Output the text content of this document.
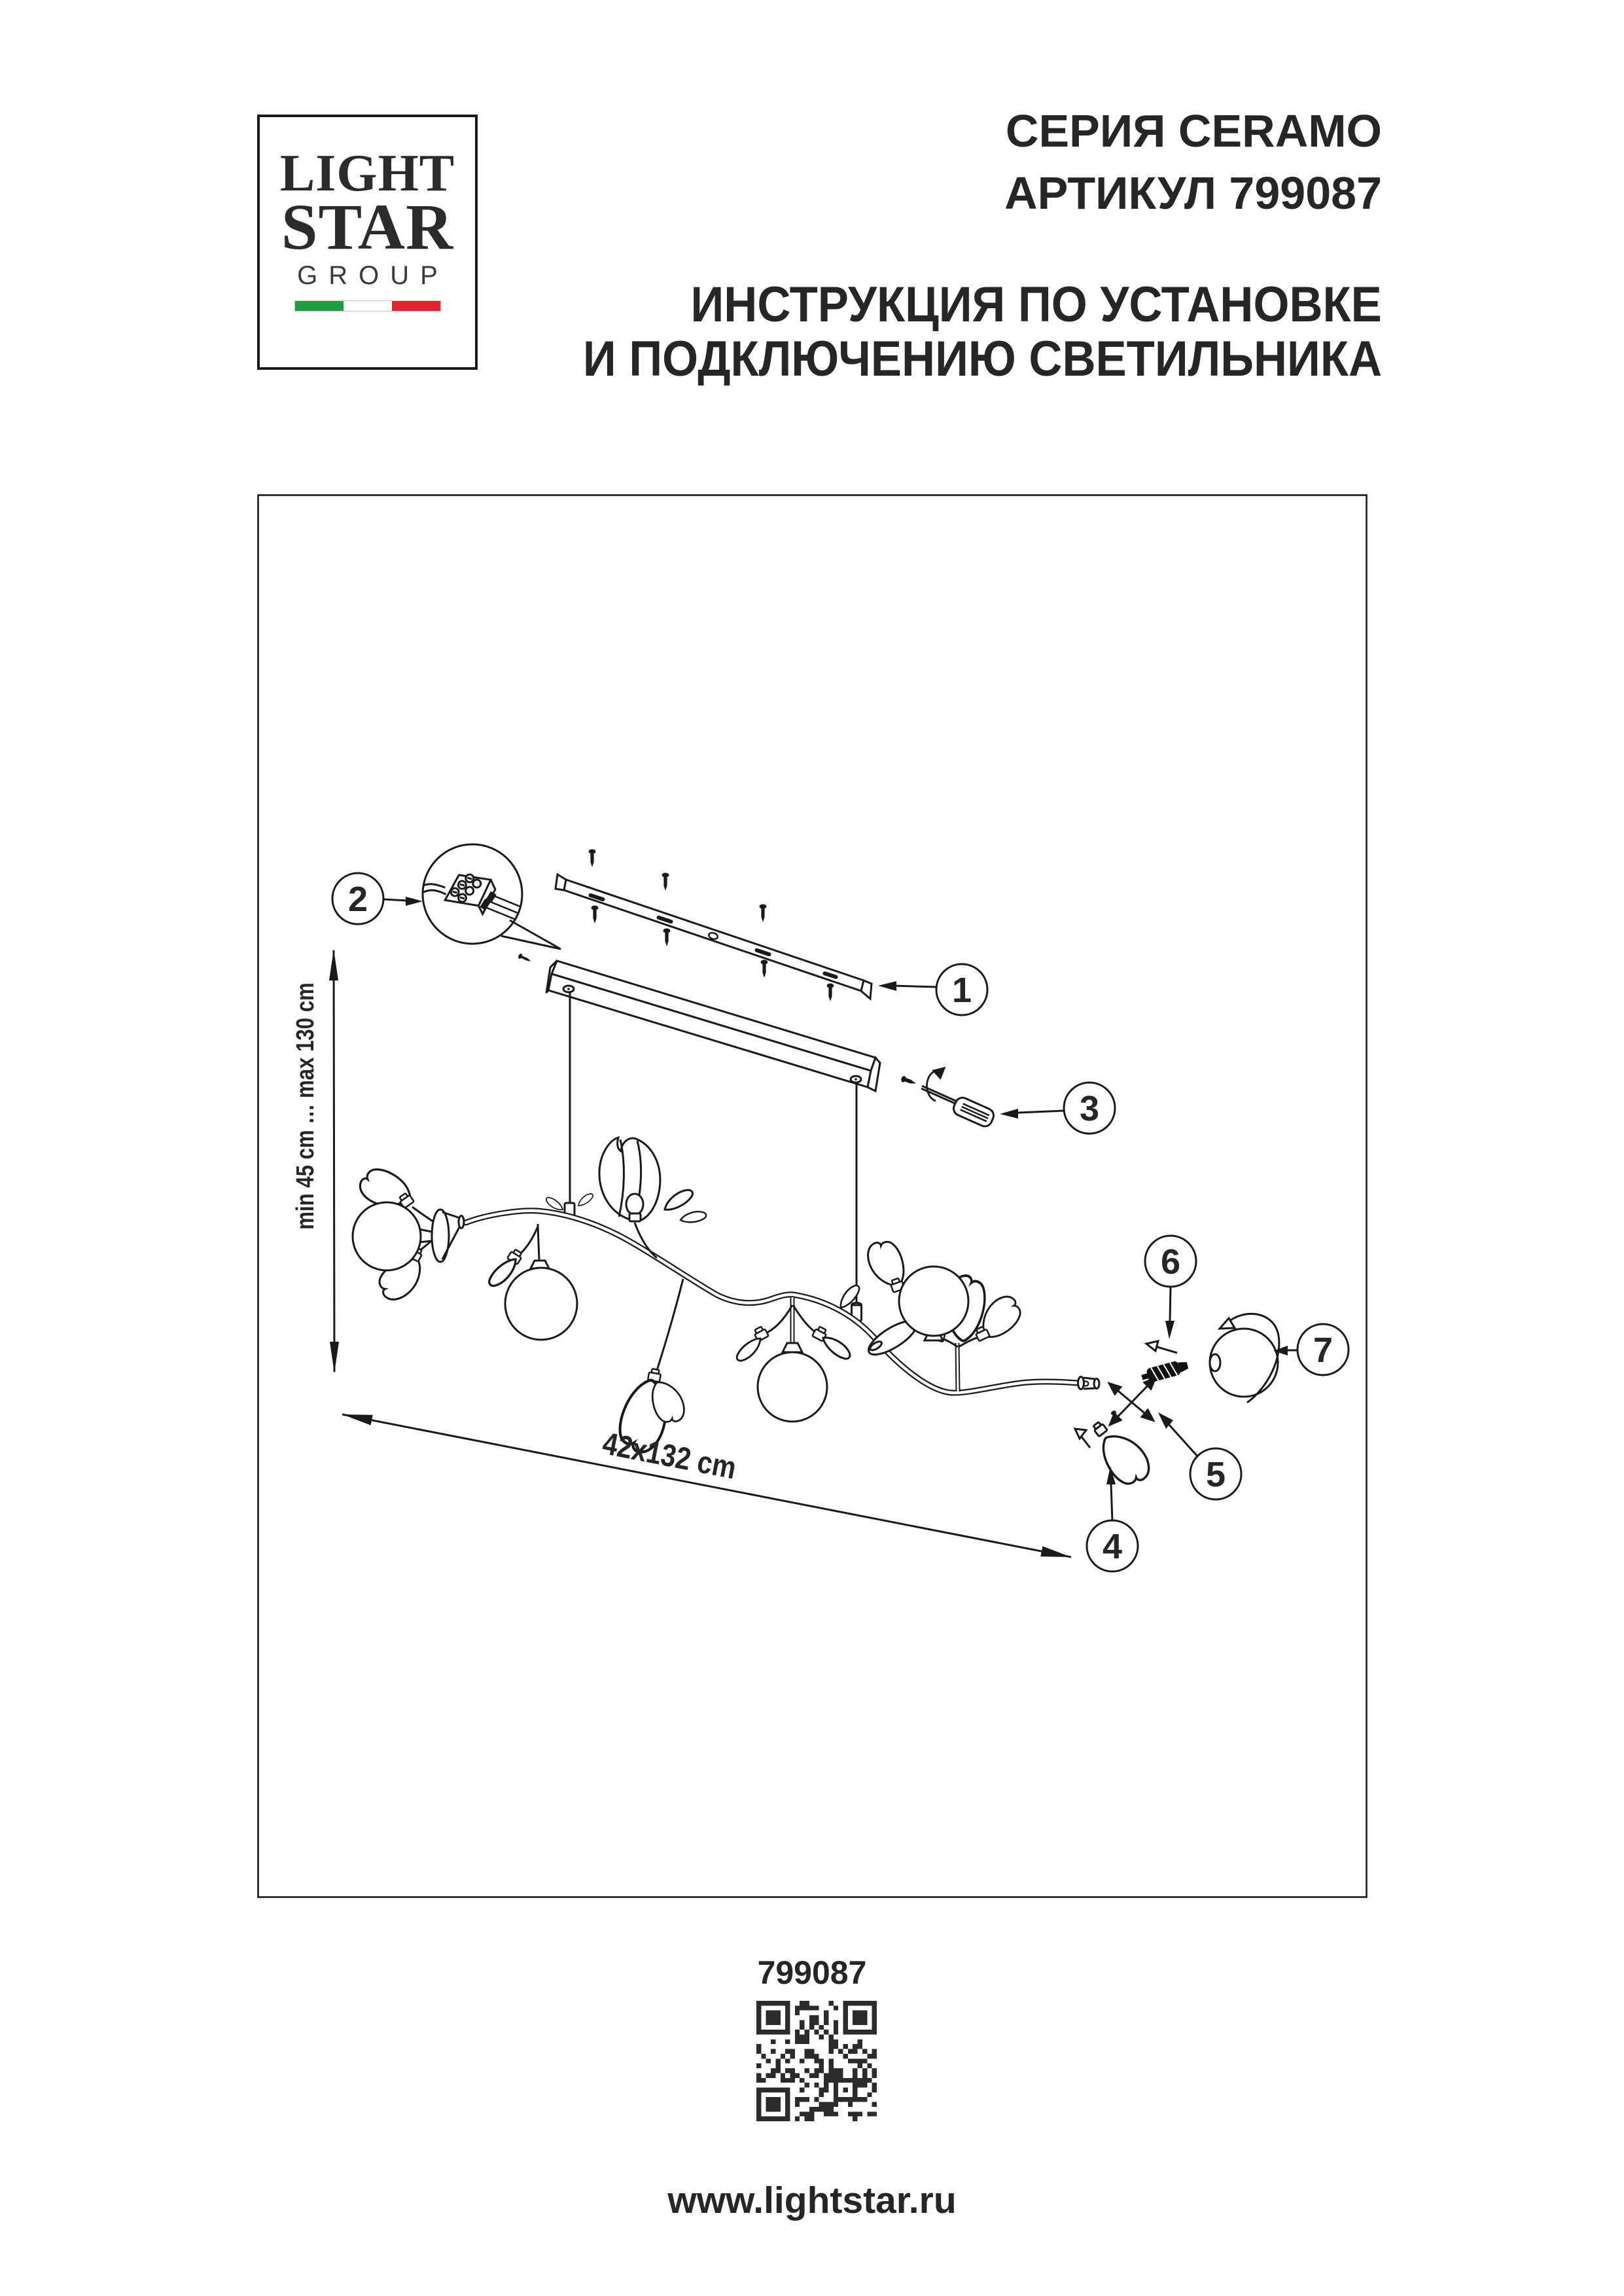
LIGHT
STAR
GROUP
СЕРИЯ CERAMO
АРТИКУЛ 799087
ИНСТРУКЦИЯ ПО УСТАНОВКЕ
И ПОДКЛЮЧЕНИЮ СВЕТИЛЬНИКА
min 45 cm … max 130 cm
42x132 cm
1
2
3
4
5
6
7
799087
www.lightstar.ru
